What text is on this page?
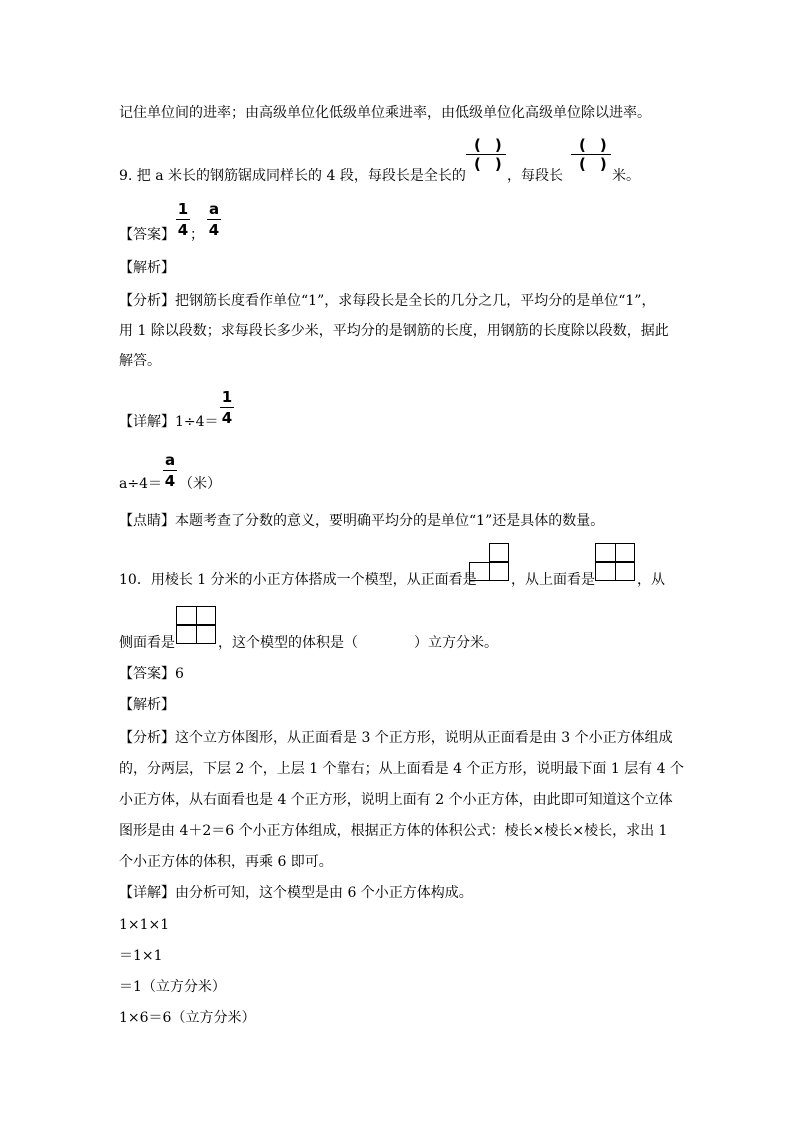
记住单位间的进率；由高级单位化低级单位乘进率，由低级单位化高级单位除以进率。
9. 把 a 米长的钢筋锯成同样长的 4 段，每段长是全长的
()
()
，每段长
()
()
米。
【答案】
1
4 ；
a
4
【解析】
【分析】把钢筋长度看作单位“1”，求每段长是全长的几分之几，平均分的是单位“1”，
用 1 除以段数；求每段长多少米，平均分的是钢筋的长度，用钢筋的长度除以段数，据此
解答。
【详解】1÷4＝
1
4
a÷4＝
a
4 （米）
【点睛】本题考查了分数的意义，要明确平均分的是单位“1”还是具体的数量。
10．用棱长 1 分米的小正方体搭成一个模型，从正面看是 ，从上面看是	，从
侧面看是	，这个模型的体积是（　　　　）立方分米。
【答案】6
【解析】
【分析】这个立方体图形，从正面看是 3 个正方形，说明从正面看是由 3 个小正方体组成
的，分两层，下层 2 个，上层 1 个靠右；从上面看是 4 个正方形，说明最下面 1 层有 4 个
小正方体，从右面看也是 4 个正方形，说明上面有 2 个小正方体，由此即可知道这个立体
图形是由 4＋2＝6 个小正方体组成，根据正方体的体积公式：棱长×棱长×棱长，求出 1
个小正方体的体积，再乘 6 即可。
【详解】由分析可知，这个模型是由 6 个小正方体构成。
1×1×1
＝1×1
＝1（立方分米）
1×6＝6（立方分米）
